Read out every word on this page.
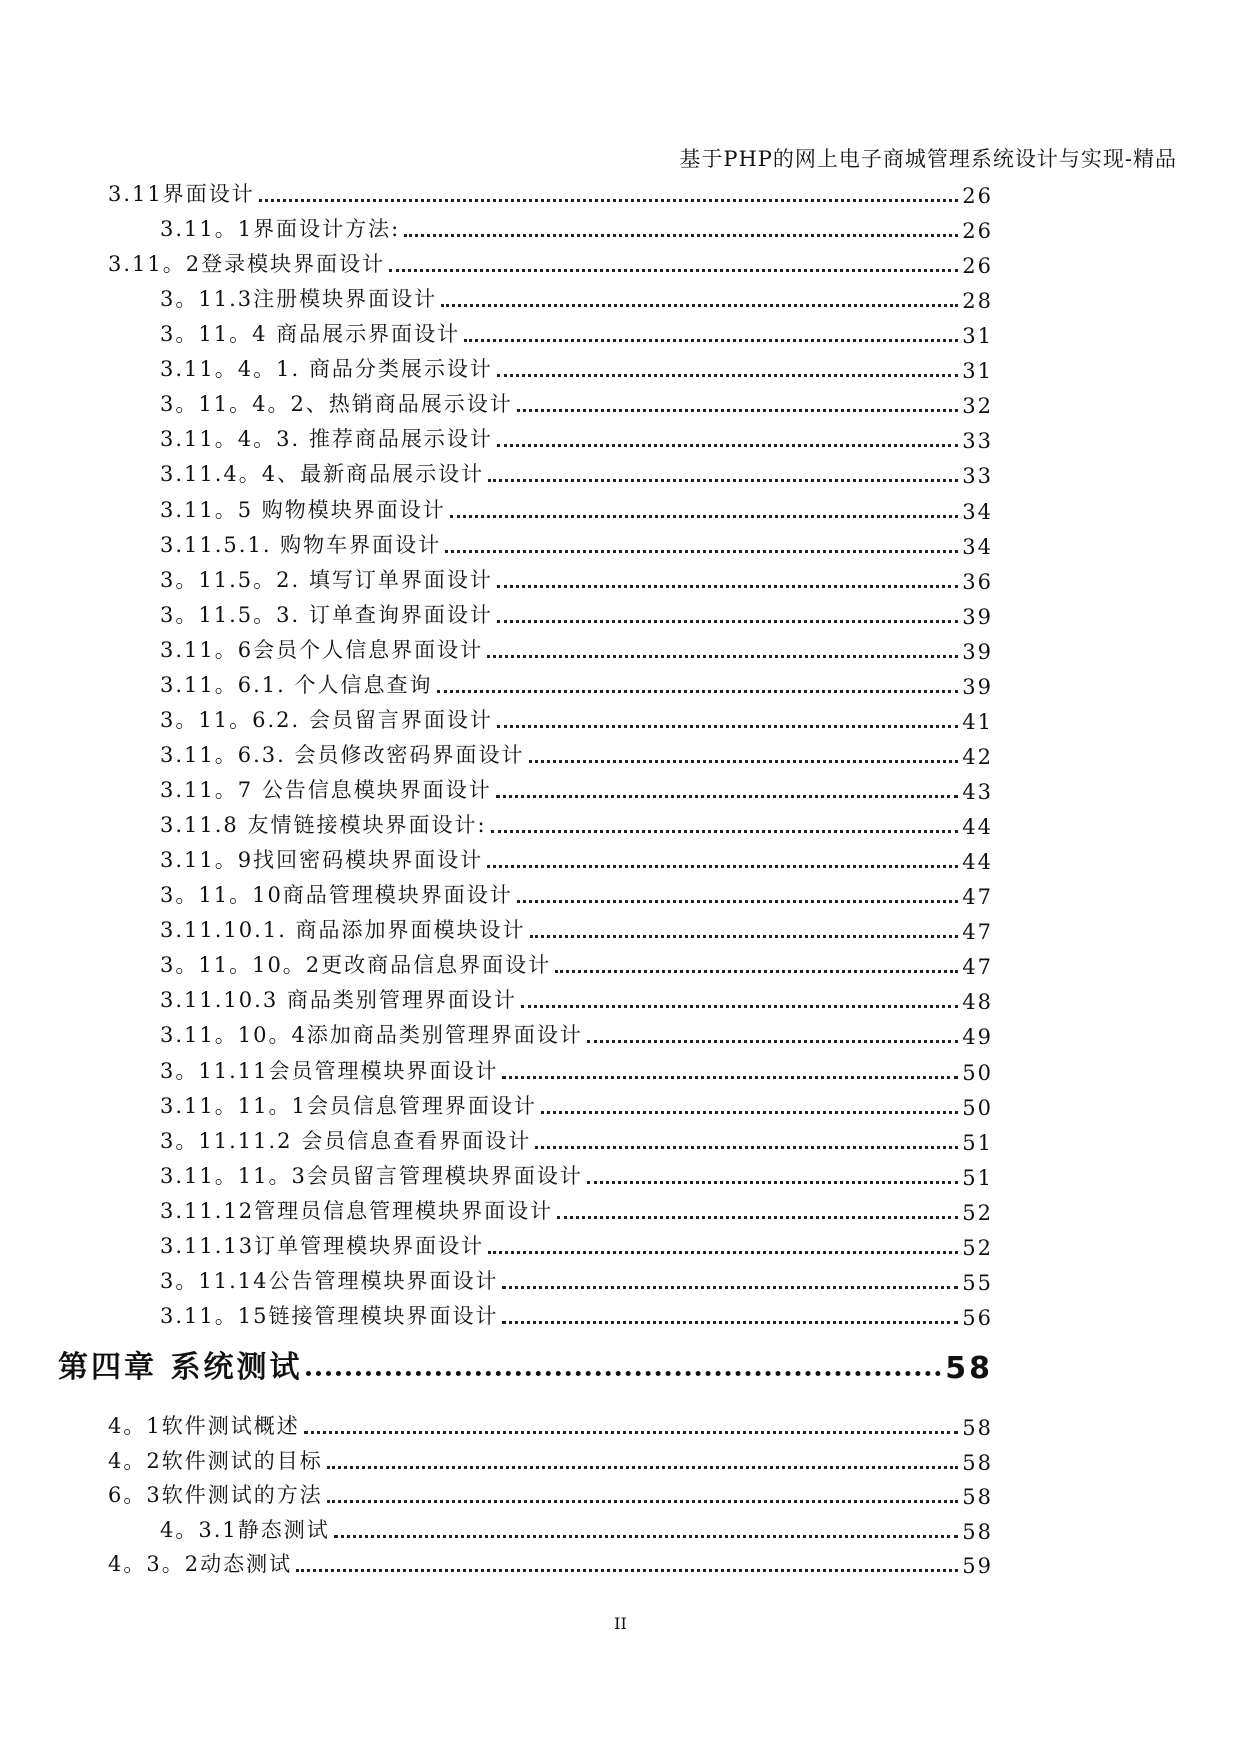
基于PHP的网上电子商城管理系统设计与实现-精品
3.11界面设计	26
3.11。1界面设计方法:	26
3.11。2登录模块界面设计	26
3。11.3注册模块界面设计	28
3。11。4 商品展示界面设计	31
3.11。4。1. 商品分类展示设计	31
3。11。4。2、热销商品展示设计	32
3.11。4。3. 推荐商品展示设计	33
3.11.4。4、最新商品展示设计	33
3.11。5 购物模块界面设计	34
3.11.5.1. 购物车界面设计	34
3。11.5。2. 填写订单界面设计	36
3。11.5。3. 订单查询界面设计	39
3.11。6会员个人信息界面设计	39
3.11。6.1. 个人信息查询	39
3。11。6.2. 会员留言界面设计	41
3.11。6.3. 会员修改密码界面设计	42
3.11。7 公告信息模块界面设计	43
3.11.8 友情链接模块界面设计:	44
3.11。9找回密码模块界面设计	44
3。11。10商品管理模块界面设计	47
3.11.10.1. 商品添加界面模块设计	47
3。11。10。2更改商品信息界面设计	47
3.11.10.3 商品类别管理界面设计	48
3.11。10。4添加商品类别管理界面设计	49
3。11.11会员管理模块界面设计	50
3.11。11。1会员信息管理界面设计	50
3。11.11.2 会员信息查看界面设计	51
3.11。11。3会员留言管理模块界面设计	51
3.11.12管理员信息管理模块界面设计	52
3.11.13订单管理模块界面设计	52
3。11.14公告管理模块界面设计	55
3.11。15链接管理模块界面设计	56
第四章 系统测试	58
4。1软件测试概述	58
4。2软件测试的目标	58
6。3软件测试的方法	58
4。3.1静态测试	58
4。3。2动态测试	59
II
